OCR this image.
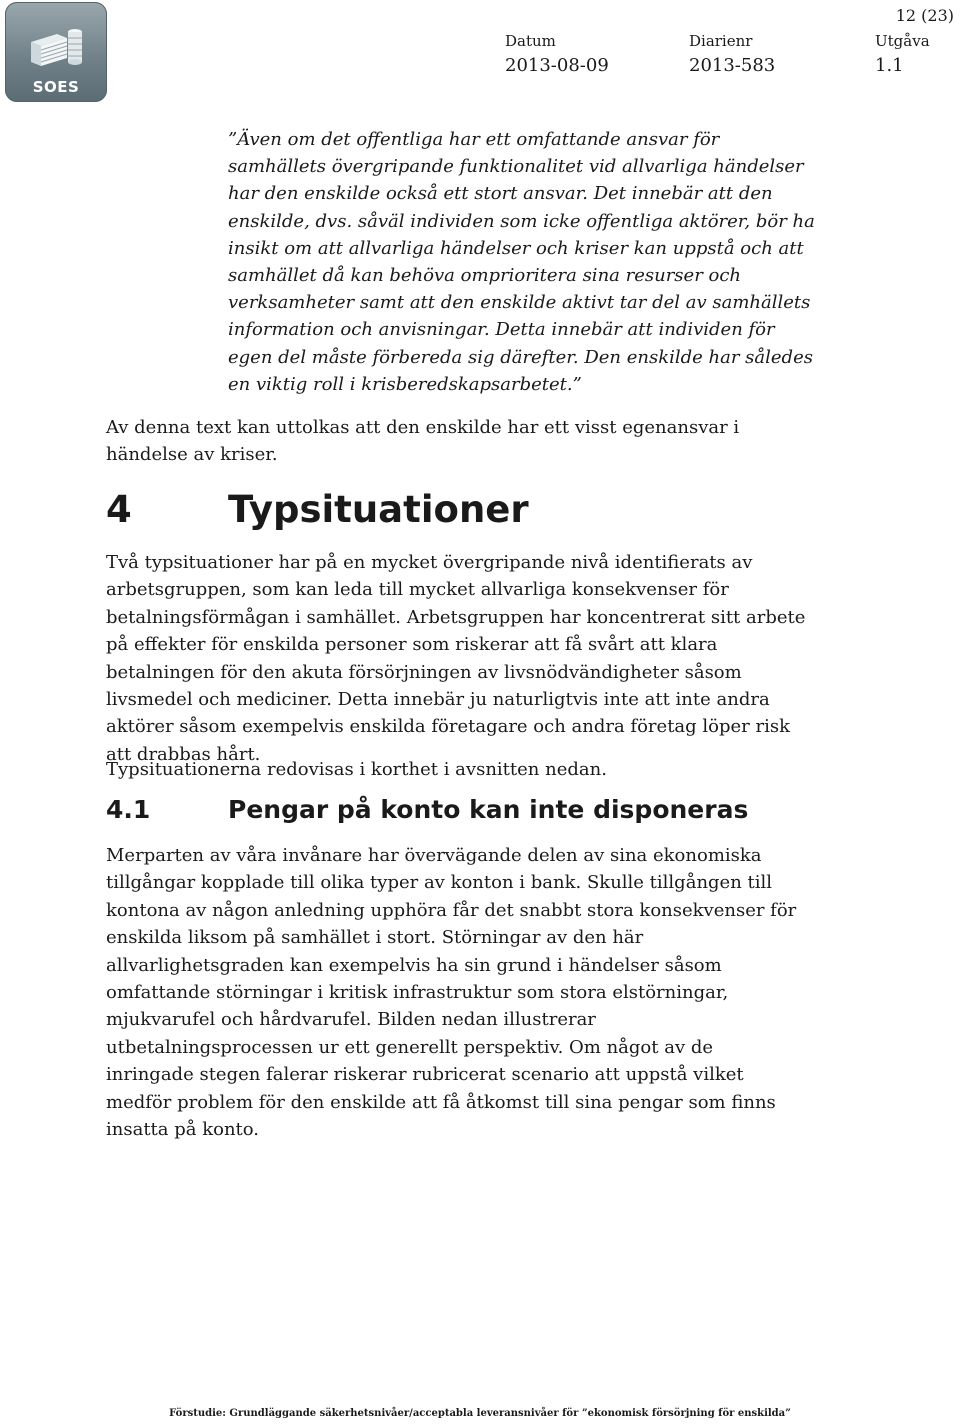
SOES
12 (23)
Datum
2013-08-09
Diarienr
2013-583
Utgåva
1.1

”Även om det offentliga har ett omfattande ansvar för samhällets övergripande funktionalitet vid allvarliga händelser har den enskilde också ett stort ansvar. Det innebär att den enskilde, dvs. såväl individen som icke offentliga aktörer, bör ha insikt om att allvarliga händelser och kriser kan uppstå och att samhället då kan behöva omprioritera sina resurser och verksamheter samt att den enskilde aktivt tar del av samhällets information och anvisningar. Detta innebär att individen för egen del måste förbereda sig därefter. Den enskilde har således en viktig roll i krisberedskapsarbetet.”

Av denna text kan uttolkas att den enskilde har ett visst egenansvar i händelse av kriser.

4	Typsituationer

Två typsituationer har på en mycket övergripande nivå identifierats av arbetsgruppen, som kan leda till mycket allvarliga konsekvenser för betalningsförmågan i samhället. Arbetsgruppen har koncentrerat sitt arbete på effekter för enskilda personer som riskerar att få svårt att klara betalningen för den akuta försörjningen av livsnödvändigheter såsom livsmedel och mediciner. Detta innebär ju naturligtvis inte att inte andra aktörer såsom exempelvis enskilda företagare och andra företag löper risk att drabbas hårt.

Typsituationerna redovisas i korthet i avsnitten nedan.

4.1	Pengar på konto kan inte disponeras

Merparten av våra invånare har övervägande delen av sina ekonomiska tillgångar kopplade till olika typer av konton i bank. Skulle tillgången till kontona av någon anledning upphöra får det snabbt stora konsekvenser för enskilda liksom på samhället i stort. Störningar av den här allvarlighetsgraden kan exempelvis ha sin grund i händelser såsom omfattande störningar i kritisk infrastruktur som stora elstörningar, mjukvarufel och hårdvarufel. Bilden nedan illustrerar utbetalningsprocessen ur ett generellt perspektiv. Om något av de inringade stegen falerar riskerar rubricerat scenario att uppstå vilket medför problem för den enskilde att få åtkomst till sina pengar som finns insatta på konto.

Förstudie: Grundläggande säkerhetsnivåer/acceptabla leveransnivåer för ”ekonomisk försörjning för enskilda”
